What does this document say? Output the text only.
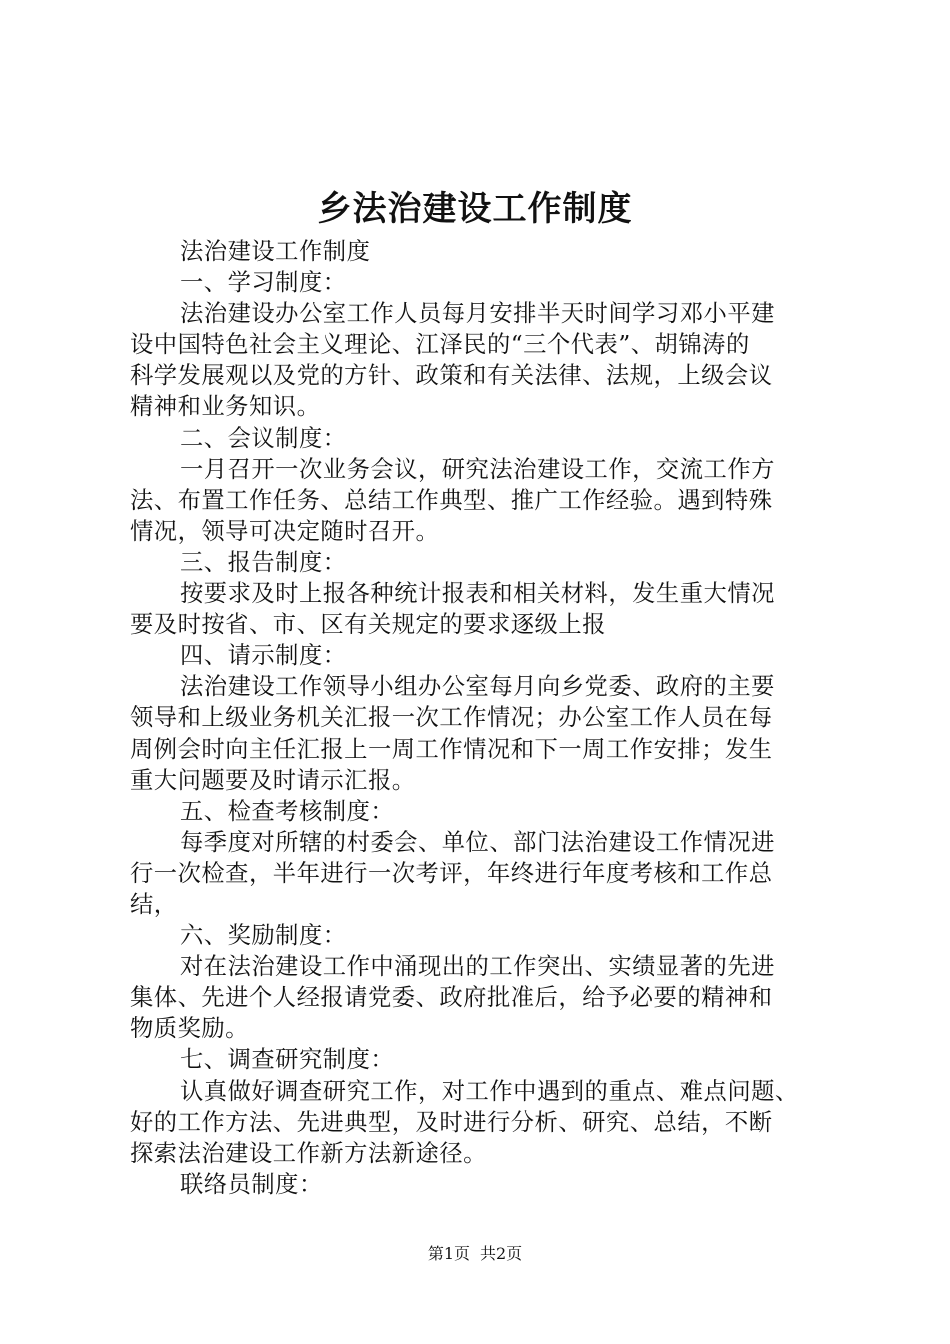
乡法治建设工作制度
法治建设工作制度
一、学习制度：
法治建设办公室工作人员每月安排半天时间学习邓小平建
设中国特色社会主义理论、江泽民的“三个代表”、胡锦涛的
科学发展观以及党的方针、政策和有关法律、法规，上级会议
精神和业务知识。
二、会议制度：
一月召开一次业务会议，研究法治建设工作，交流工作方
法、布置工作任务、总结工作典型、推广工作经验。遇到特殊
情况，领导可决定随时召开。
三、报告制度：
按要求及时上报各种统计报表和相关材料，发生重大情况
要及时按省、市、区有关规定的要求逐级上报
四、请示制度：
法治建设工作领导小组办公室每月向乡党委、政府的主要
领导和上级业务机关汇报一次工作情况；办公室工作人员在每
周例会时向主任汇报上一周工作情况和下一周工作安排；发生
重大问题要及时请示汇报。
五、检查考核制度：
每季度对所辖的村委会、单位、部门法治建设工作情况进
行一次检查，半年进行一次考评，年终进行年度考核和工作总
结，
六、奖励制度：
对在法治建设工作中涌现出的工作突出、实绩显著的先进
集体、先进个人经报请党委、政府批准后，给予必要的精神和
物质奖励。
七、调查研究制度：
认真做好调查研究工作，对工作中遇到的重点、难点问题、
好的工作方法、先进典型，及时进行分析、研究、总结，不断
探索法治建设工作新方法新途径。
联络员制度：
第1页 共2页
